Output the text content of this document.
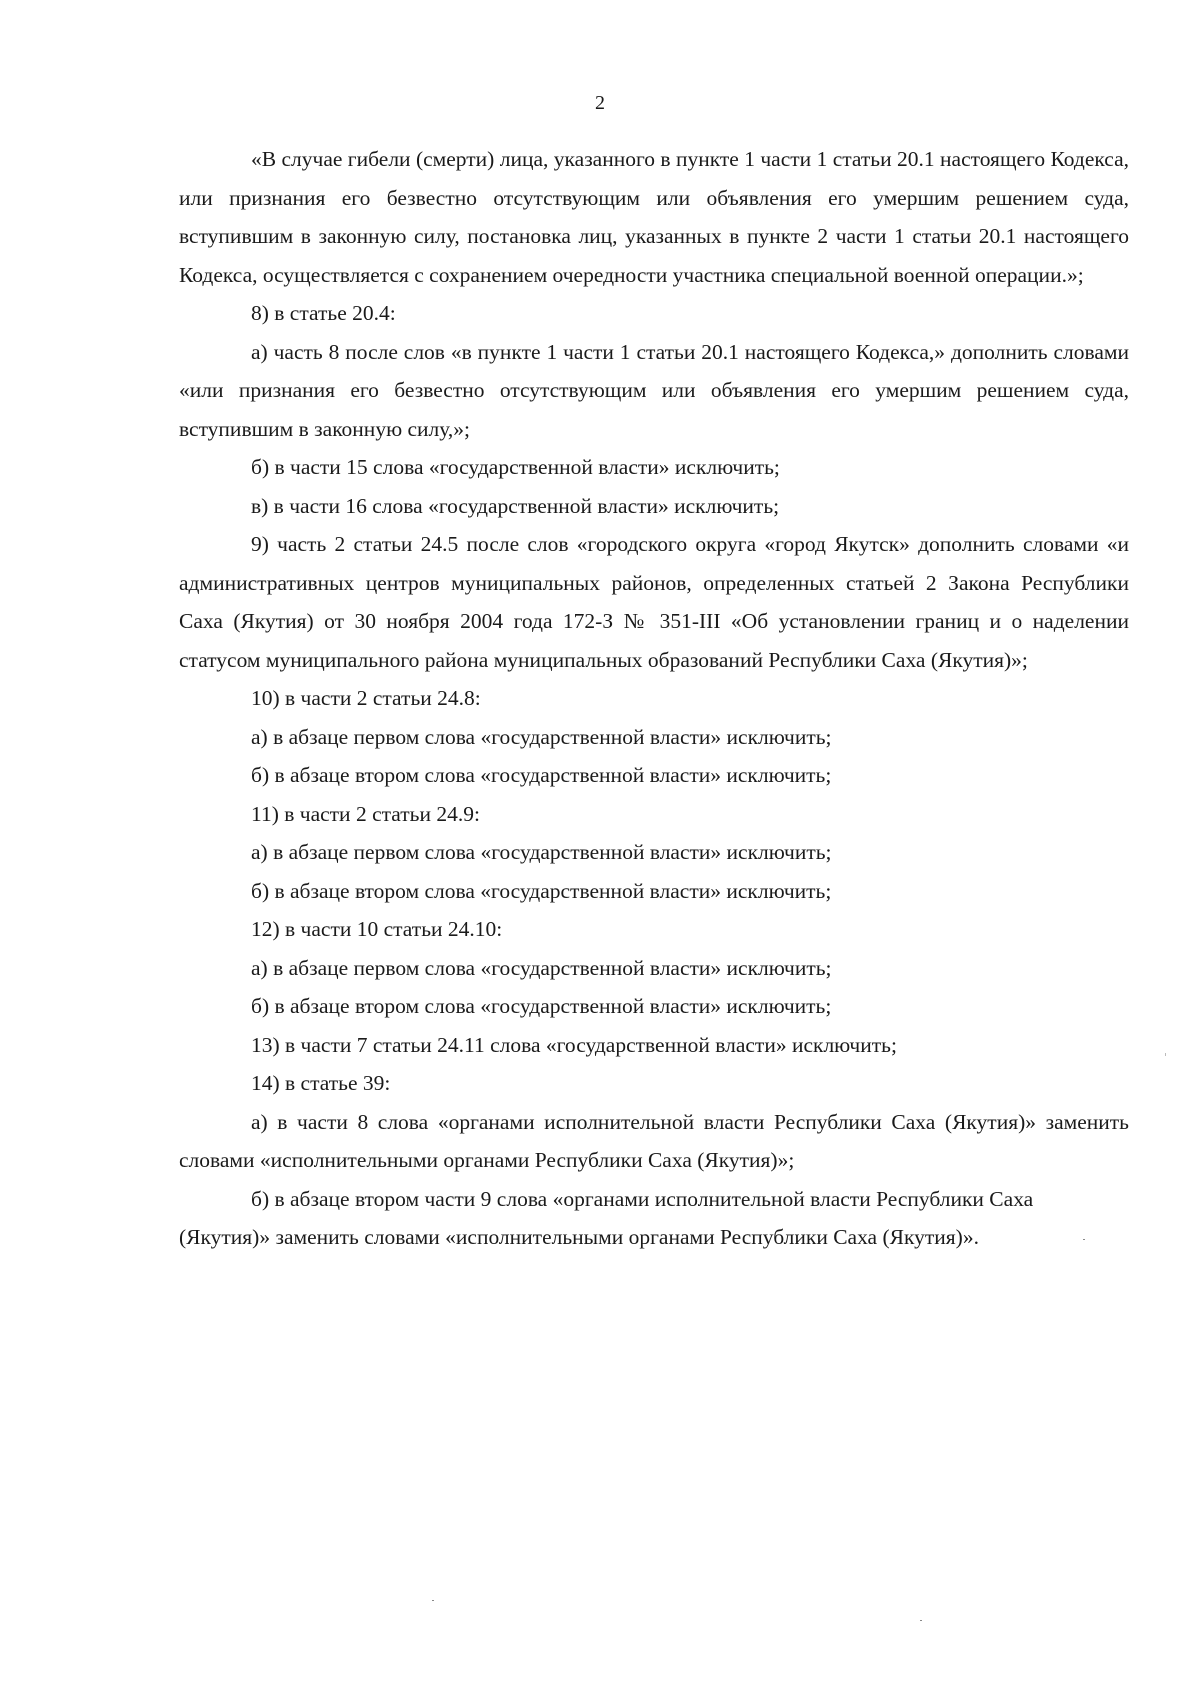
2

«В случае гибели (смерти) лица, указанного в пункте 1 части 1 статьи 20.1 настоящего Кодекса, или признания его безвестно отсутствующим или объявления его умершим решением суда, вступившим в законную силу, постановка лиц, указанных в пункте 2 части 1 статьи 20.1 настоящего Кодекса, осуществляется с сохранением очередности участника специальной военной операции.»;

8) в статье 20.4:

а) часть 8 после слов «в пункте 1 части 1 статьи 20.1 настоящего Кодекса,» дополнить словами «или признания его безвестно отсутствующим или объявления его умершим решением суда, вступившим в законную силу,»;

б) в части 15 слова «государственной власти» исключить;

в) в части 16 слова «государственной власти» исключить;

9) часть 2 статьи 24.5 после слов «городского округа «город Якутск» дополнить словами «и административных центров муниципальных районов, определенных статьей 2 Закона Республики Саха (Якутия) от 30 ноября 2004 года 172-З № 351-III «Об установлении границ и о наделении статусом муниципального района муниципальных образований Республики Саха (Якутия)»;

10) в части 2 статьи 24.8:

а) в абзаце первом слова «государственной власти» исключить;

б) в абзаце втором слова «государственной власти» исключить;

11) в части 2 статьи 24.9:

а) в абзаце первом слова «государственной власти» исключить;

б) в абзаце втором слова «государственной власти» исключить;

12) в части 10 статьи 24.10:

а) в абзаце первом слова «государственной власти» исключить;

б) в абзаце втором слова «государственной власти» исключить;

13) в части 7 статьи 24.11 слова «государственной власти» исключить;

14) в статье 39:

а) в части 8 слова «органами исполнительной власти Республики Саха (Якутия)» заменить словами «исполнительными органами Республики Саха (Якутия)»;

б) в абзаце втором части 9 слова «органами исполнительной власти Республики Саха (Якутия)» заменить словами «исполнительными органами Республики Саха (Якутия)».
